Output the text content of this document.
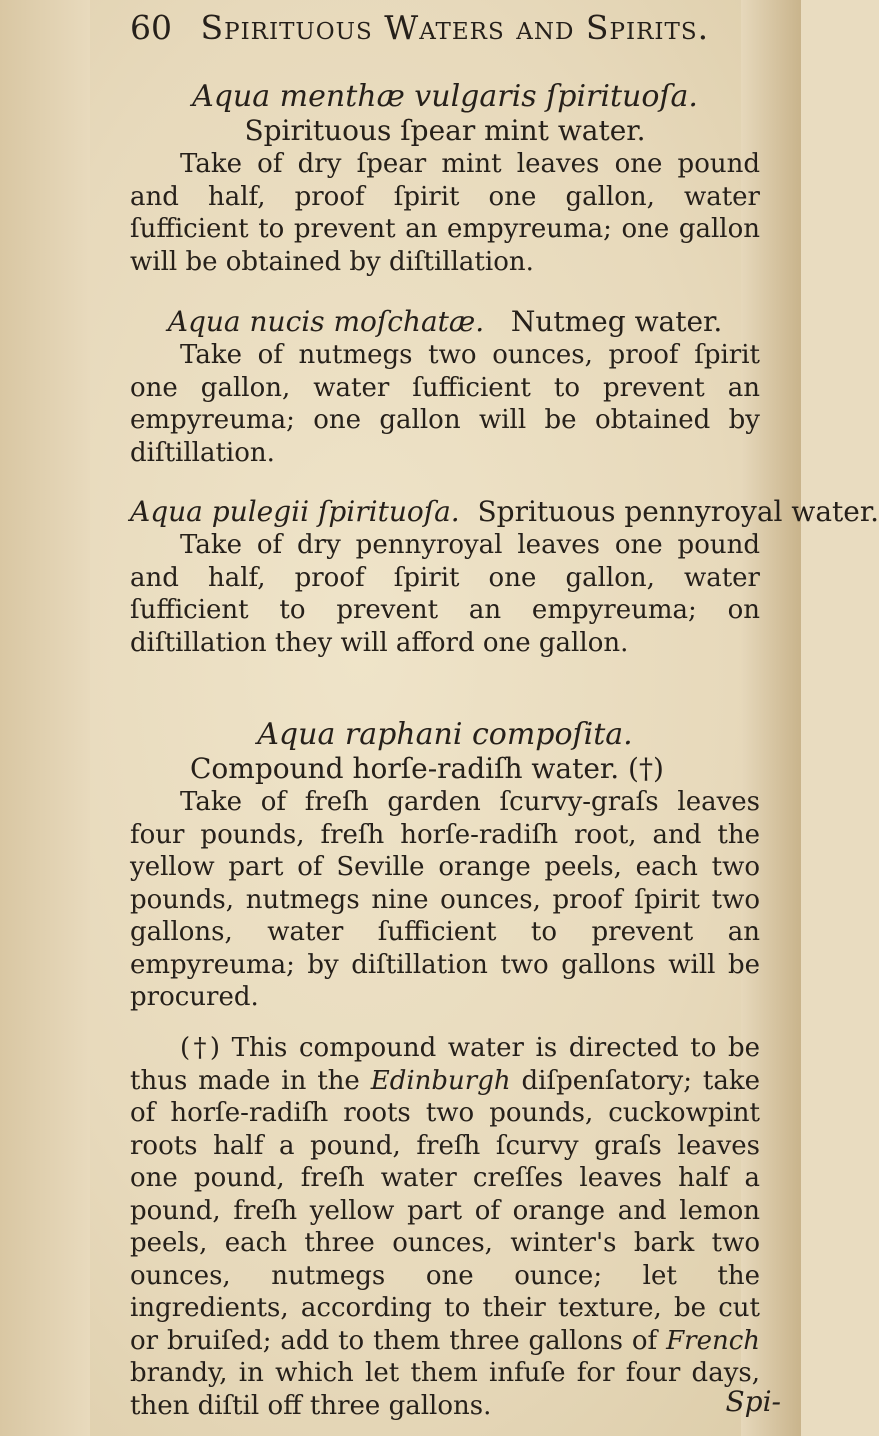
60 Spirituous Waters and Spirits.
Aqua menthæ vulgaris ſpirituoſa.
Spirituous ſpear mint water.

Take of dry ſpear mint leaves one pound and half, proof ſpirit one gallon, water ſufficient to prevent an empyreuma; one gallon will be obtained by diſtillation.

Aqua nucis moſchatæ. Nutmeg water.

Take of nutmegs two ounces, proof ſpirit one gallon, water ſufficient to prevent an empyreuma; one gallon will be obtained by diſtillation.

Aqua pulegii ſpirituoſa. Sprituous pennyroyal water.

Take of dry pennyroyal leaves one pound and half, proof ſpirit one gallon, water ſufficient to prevent an empyreuma; on diſtillation they will afford one gallon.

Aqua raphani compoſita.
Compound horſe-radiſh water. (†)

Take of freſh garden ſcurvy-graſs leaves four pounds, freſh horſe-radiſh root, and the yellow part of Seville orange peels, each two pounds, nutmegs nine ounces, proof ſpirit two gallons, water ſufficient to prevent an empyreuma; by diſtillation two gallons will be procured.

(†) This compound water is directed to be thus made in the Edinburgh diſpenſatory; take of horſe-radiſh roots two pounds, cuckowpint roots half a pound, freſh ſcurvy graſs leaves one pound, freſh water creſſes leaves half a pound, freſh yellow part of orange and lemon peels, each three ounces, winter's bark two ounces, nutmegs one ounce; let the ingredients, according to their texture, be cut or bruiſed; add to them three gallons of French brandy, in which let them infuſe for four days, then diſtil off three gallons.	Spi-
